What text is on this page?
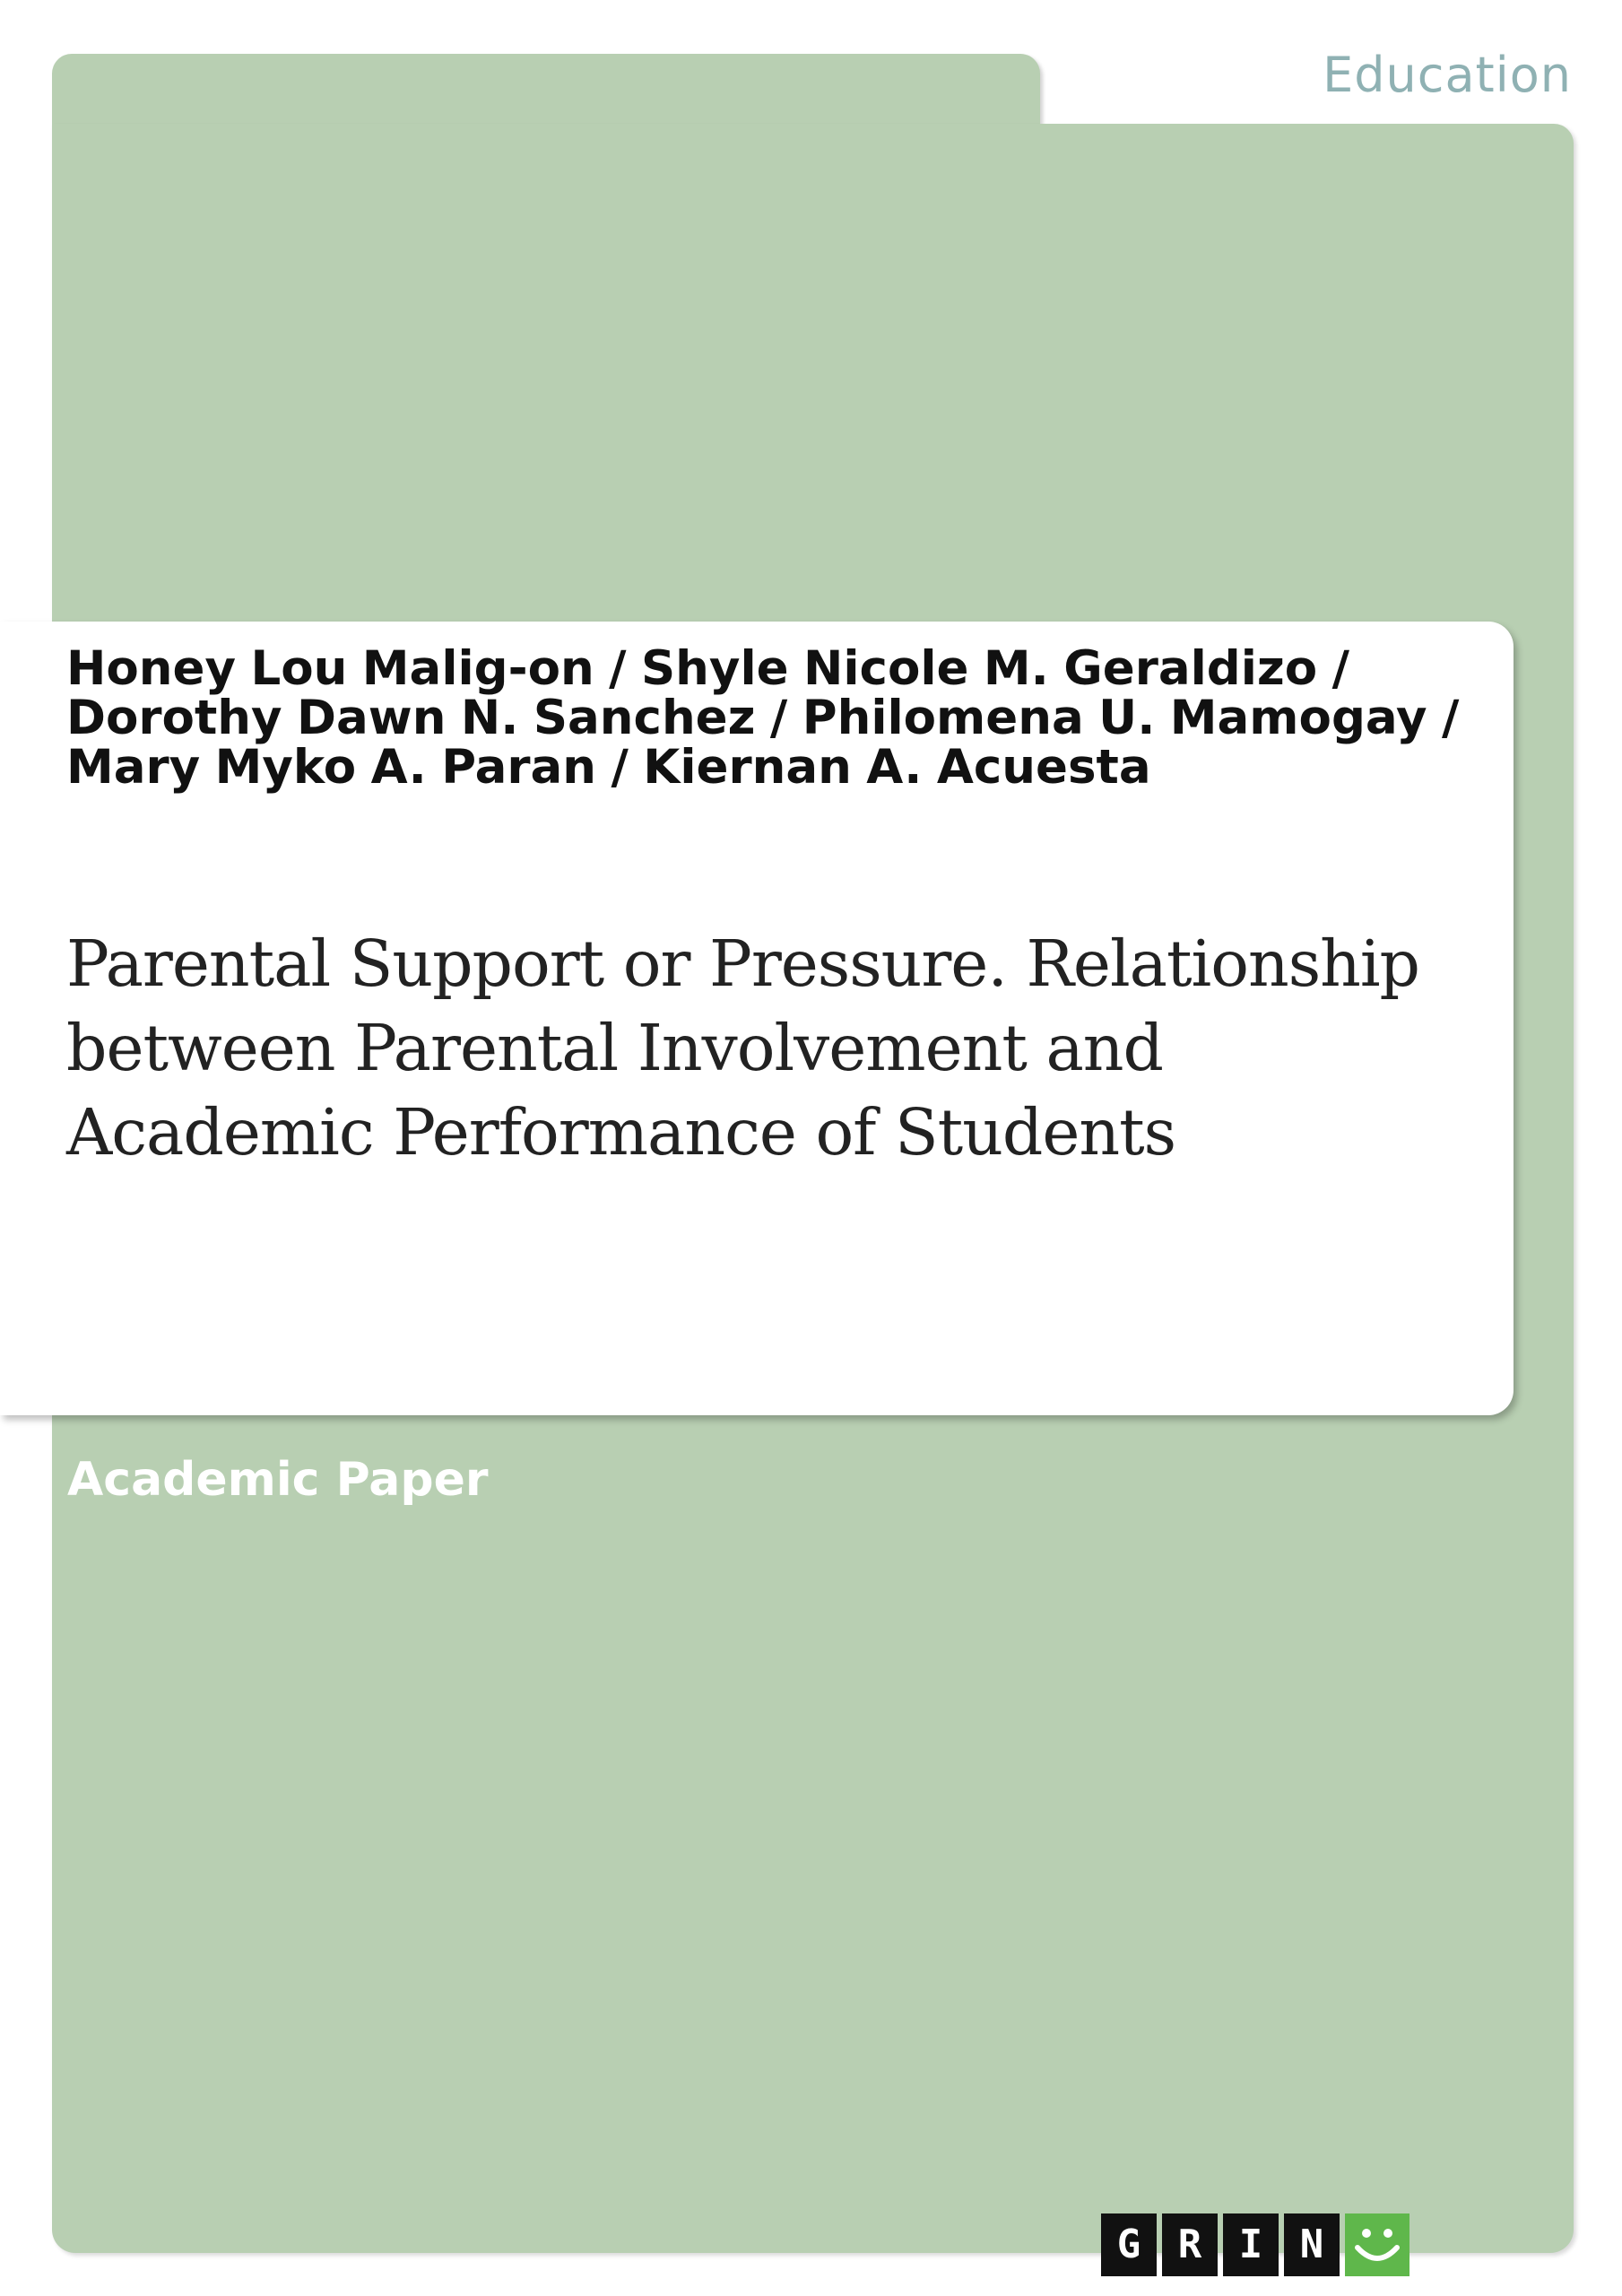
Education
Honey Lou Malig-on / Shyle Nicole M. Geraldizo / Dorothy Dawn N. Sanchez / Philomena U. Mamogay / Mary Myko A. Paran / Kiernan A. Acuesta
Parental Support or Pressure. Relationship between Parental Involvement and Academic Performance of Students
Academic Paper
G R I N
